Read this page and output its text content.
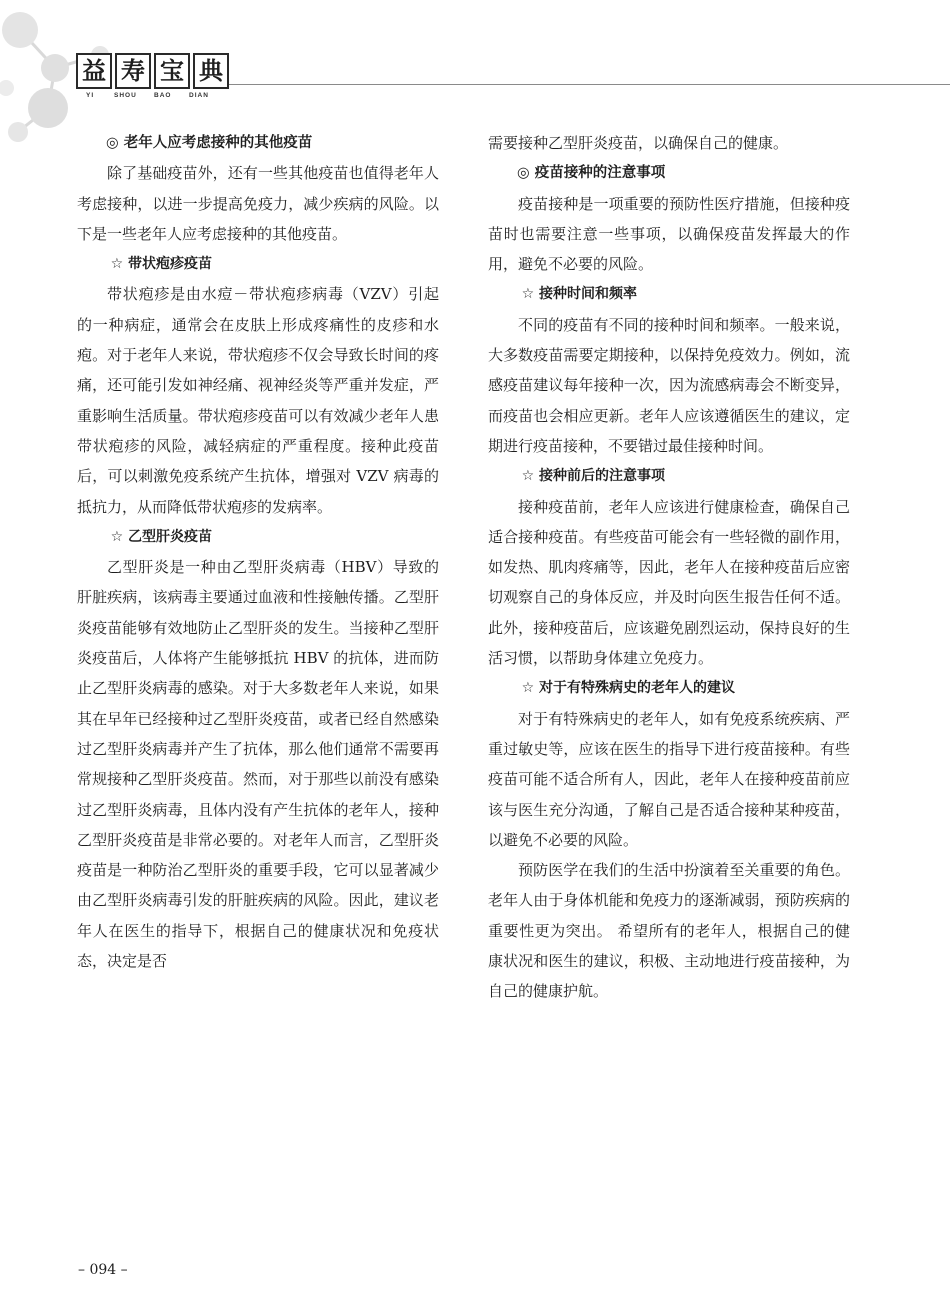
益 寿 宝 典
YI	SHOU	BAO	DIAN

◎ 老年人应考虑接种的其他疫苗

除了基础疫苗外，还有一些其他疫苗也值得老年人考虑接种，以进一步提高免疫力，减少疾病的风险。以下是一些老年人应考虑接种的其他疫苗。

☆ 带状疱疹疫苗

带状疱疹是由水痘－带状疱疹病毒（VZV）引起的一种病症，通常会在皮肤上形成疼痛性的皮疹和水疱。对于老年人来说，带状疱疹不仅会导致长时间的疼痛，还可能引发如神经痛、视神经炎等严重并发症，严重影响生活质量。带状疱疹疫苗可以有效减少老年人患带状疱疹的风险，减轻病症的严重程度。接种此疫苗后，可以刺激免疫系统产生抗体，增强对 VZV 病毒的抵抗力，从而降低带状疱疹的发病率。

☆ 乙型肝炎疫苗

乙型肝炎是一种由乙型肝炎病毒（HBV）导致的肝脏疾病，该病毒主要通过血液和性接触传播。乙型肝炎疫苗能够有效地防止乙型肝炎的发生。当接种乙型肝炎疫苗后，人体将产生能够抵抗 HBV 的抗体，进而防止乙型肝炎病毒的感染。对于大多数老年人来说，如果其在早年已经接种过乙型肝炎疫苗，或者已经自然感染过乙型肝炎病毒并产生了抗体，那么他们通常不需要再常规接种乙型肝炎疫苗。然而，对于那些以前没有感染过乙型肝炎病毒，且体内没有产生抗体的老年人，接种乙型肝炎疫苗是非常必要的。对老年人而言，乙型肝炎疫苗是一种防治乙型肝炎的重要手段，它可以显著减少由乙型肝炎病毒引发的肝脏疾病的风险。因此，建议老年人在医生的指导下，根据自己的健康状况和免疫状态，决定是否

需要接种乙型肝炎疫苗，以确保自己的健康。

◎ 疫苗接种的注意事项

疫苗接种是一项重要的预防性医疗措施，但接种疫苗时也需要注意一些事项，以确保疫苗发挥最大的作用，避免不必要的风险。

☆ 接种时间和频率

不同的疫苗有不同的接种时间和频率。一般来说，大多数疫苗需要定期接种，以保持免疫效力。例如，流感疫苗建议每年接种一次，因为流感病毒会不断变异，而疫苗也会相应更新。老年人应该遵循医生的建议，定期进行疫苗接种，不要错过最佳接种时间。

☆ 接种前后的注意事项

接种疫苗前，老年人应该进行健康检查，确保自己适合接种疫苗。有些疫苗可能会有一些轻微的副作用，如发热、肌肉疼痛等，因此，老年人在接种疫苗后应密切观察自己的身体反应，并及时向医生报告任何不适。此外，接种疫苗后，应该避免剧烈运动，保持良好的生活习惯，以帮助身体建立免疫力。

☆ 对于有特殊病史的老年人的建议

对于有特殊病史的老年人，如有免疫系统疾病、严重过敏史等，应该在医生的指导下进行疫苗接种。有些疫苗可能不适合所有人，因此，老年人在接种疫苗前应该与医生充分沟通，了解自己是否适合接种某种疫苗，以避免不必要的风险。

预防医学在我们的生活中扮演着至关重要的角色。老年人由于身体机能和免疫力的逐渐减弱，预防疾病的重要性更为突出。 希望所有的老年人，根据自己的健康状况和医生的建议，积极、主动地进行疫苗接种，为自己的健康护航。

– 094 –
